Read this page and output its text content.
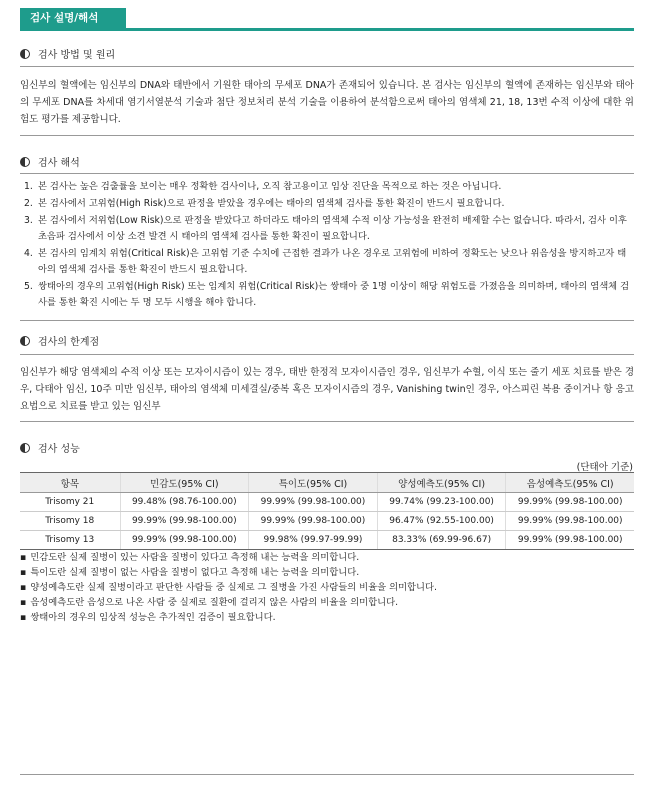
검사 설명/해석
검사 방법 및 원리
임신부의 혈액에는 임신부의 DNA와 태반에서 기원한 태아의 무세포 DNA가 존재되어 있습니다. 본 검사는 임신부의 혈액에 존재하는 임신부와 태아의 무세포 DNA를 차세대 염기서열분석 기술과 첨단 정보처리 분석 기술을 이용하여 분석함으로써 태아의 염색체 21, 18, 13번 수적 이상에 대한 위험도 평가를 제공합니다.
검사 해석
1. 본 검사는 높은 검출률을 보이는 매우 정확한 검사이나, 오직 참고용이고 임상 진단을 목적으로 하는 것은 아닙니다.
2. 본 검사에서 고위험(High Risk)으로 판정을 받았을 경우에는 태아의 염색체 검사를 통한 확진이 반드시 필요합니다.
3. 본 검사에서 저위험(Low Risk)으로 판정을 받았다고 하더라도 태아의 염색체 수적 이상 가능성을 완전히 배제할 수는 없습니다. 따라서, 검사 이후 초음파 검사에서 이상 소견 발견 시 태아의 염색체 검사를 통한 확진이 필요합니다.
4. 본 검사의 임계치 위험(Critical Risk)은 고위험 기준 수치에 근접한 결과가 나온 경우로 고위험에 비하여 정확도는 낮으나 위음성을 방지하고자 태아의 염색체 검사를 통한 확진이 반드시 필요합니다.
5. 쌍태아의 경우의 고위험(High Risk) 또는 임계치 위험(Critical Risk)는 쌍태아 중 1명 이상이 해당 위험도를 가졌음을 의미하며, 태아의 염색체 검사를 통한 확진 시에는 두 명 모두 시행을 해야 합니다.
검사의 한계점
임신부가 해당 염색체의 수적 이상 또는 모자이시즘이 있는 경우, 태반 한정적 모자이시즘인 경우, 임신부가 수혈, 이식 또는 줄기 세포 치료를 받은 경우, 다태아 임신, 10주 미만 임신부, 태아의 염색체 미세결실/중복 혹은 모자이시즘의 경우, Vanishing twin인 경우, 아스피린 복용 중이거나 항 응고 요법으로 치료를 받고 있는 임신부
검사 성능
(단태아 기준)
항목	민감도(95% CI)	특이도(95% CI)	양성예측도(95% CI)	음성예측도(95% CI)
Trisomy 21	99.48% (98.76-100.00)	99.99% (99.98-100.00)	99.74% (99.23-100.00)	99.99% (99.98-100.00)
Trisomy 18	99.99% (99.98-100.00)	99.99% (99.98-100.00)	96.47% (92.55-100.00)	99.99% (99.98-100.00)
Trisomy 13	99.99% (99.98-100.00)	99.98% (99.97-99.99)	83.33% (69.99-96.67)	99.99% (99.98-100.00)
▪ 민감도란 실제 질병이 있는 사람을 질병이 있다고 측정해 내는 능력을 의미합니다.
▪ 특이도란 실제 질병이 없는 사람을 질병이 없다고 측정해 내는 능력을 의미합니다.
▪ 양성예측도란 실제 질병이라고 판단한 사람들 중 실제로 그 질병을 가진 사람들의 비율을 의미합니다.
▪ 음성예측도란 음성으로 나온 사람 중 실제로 질환에 걸리지 않은 사람의 비율을 의미합니다.
▪ 쌍태아의 경우의 임상적 성능은 추가적인 검증이 필요합니다.
